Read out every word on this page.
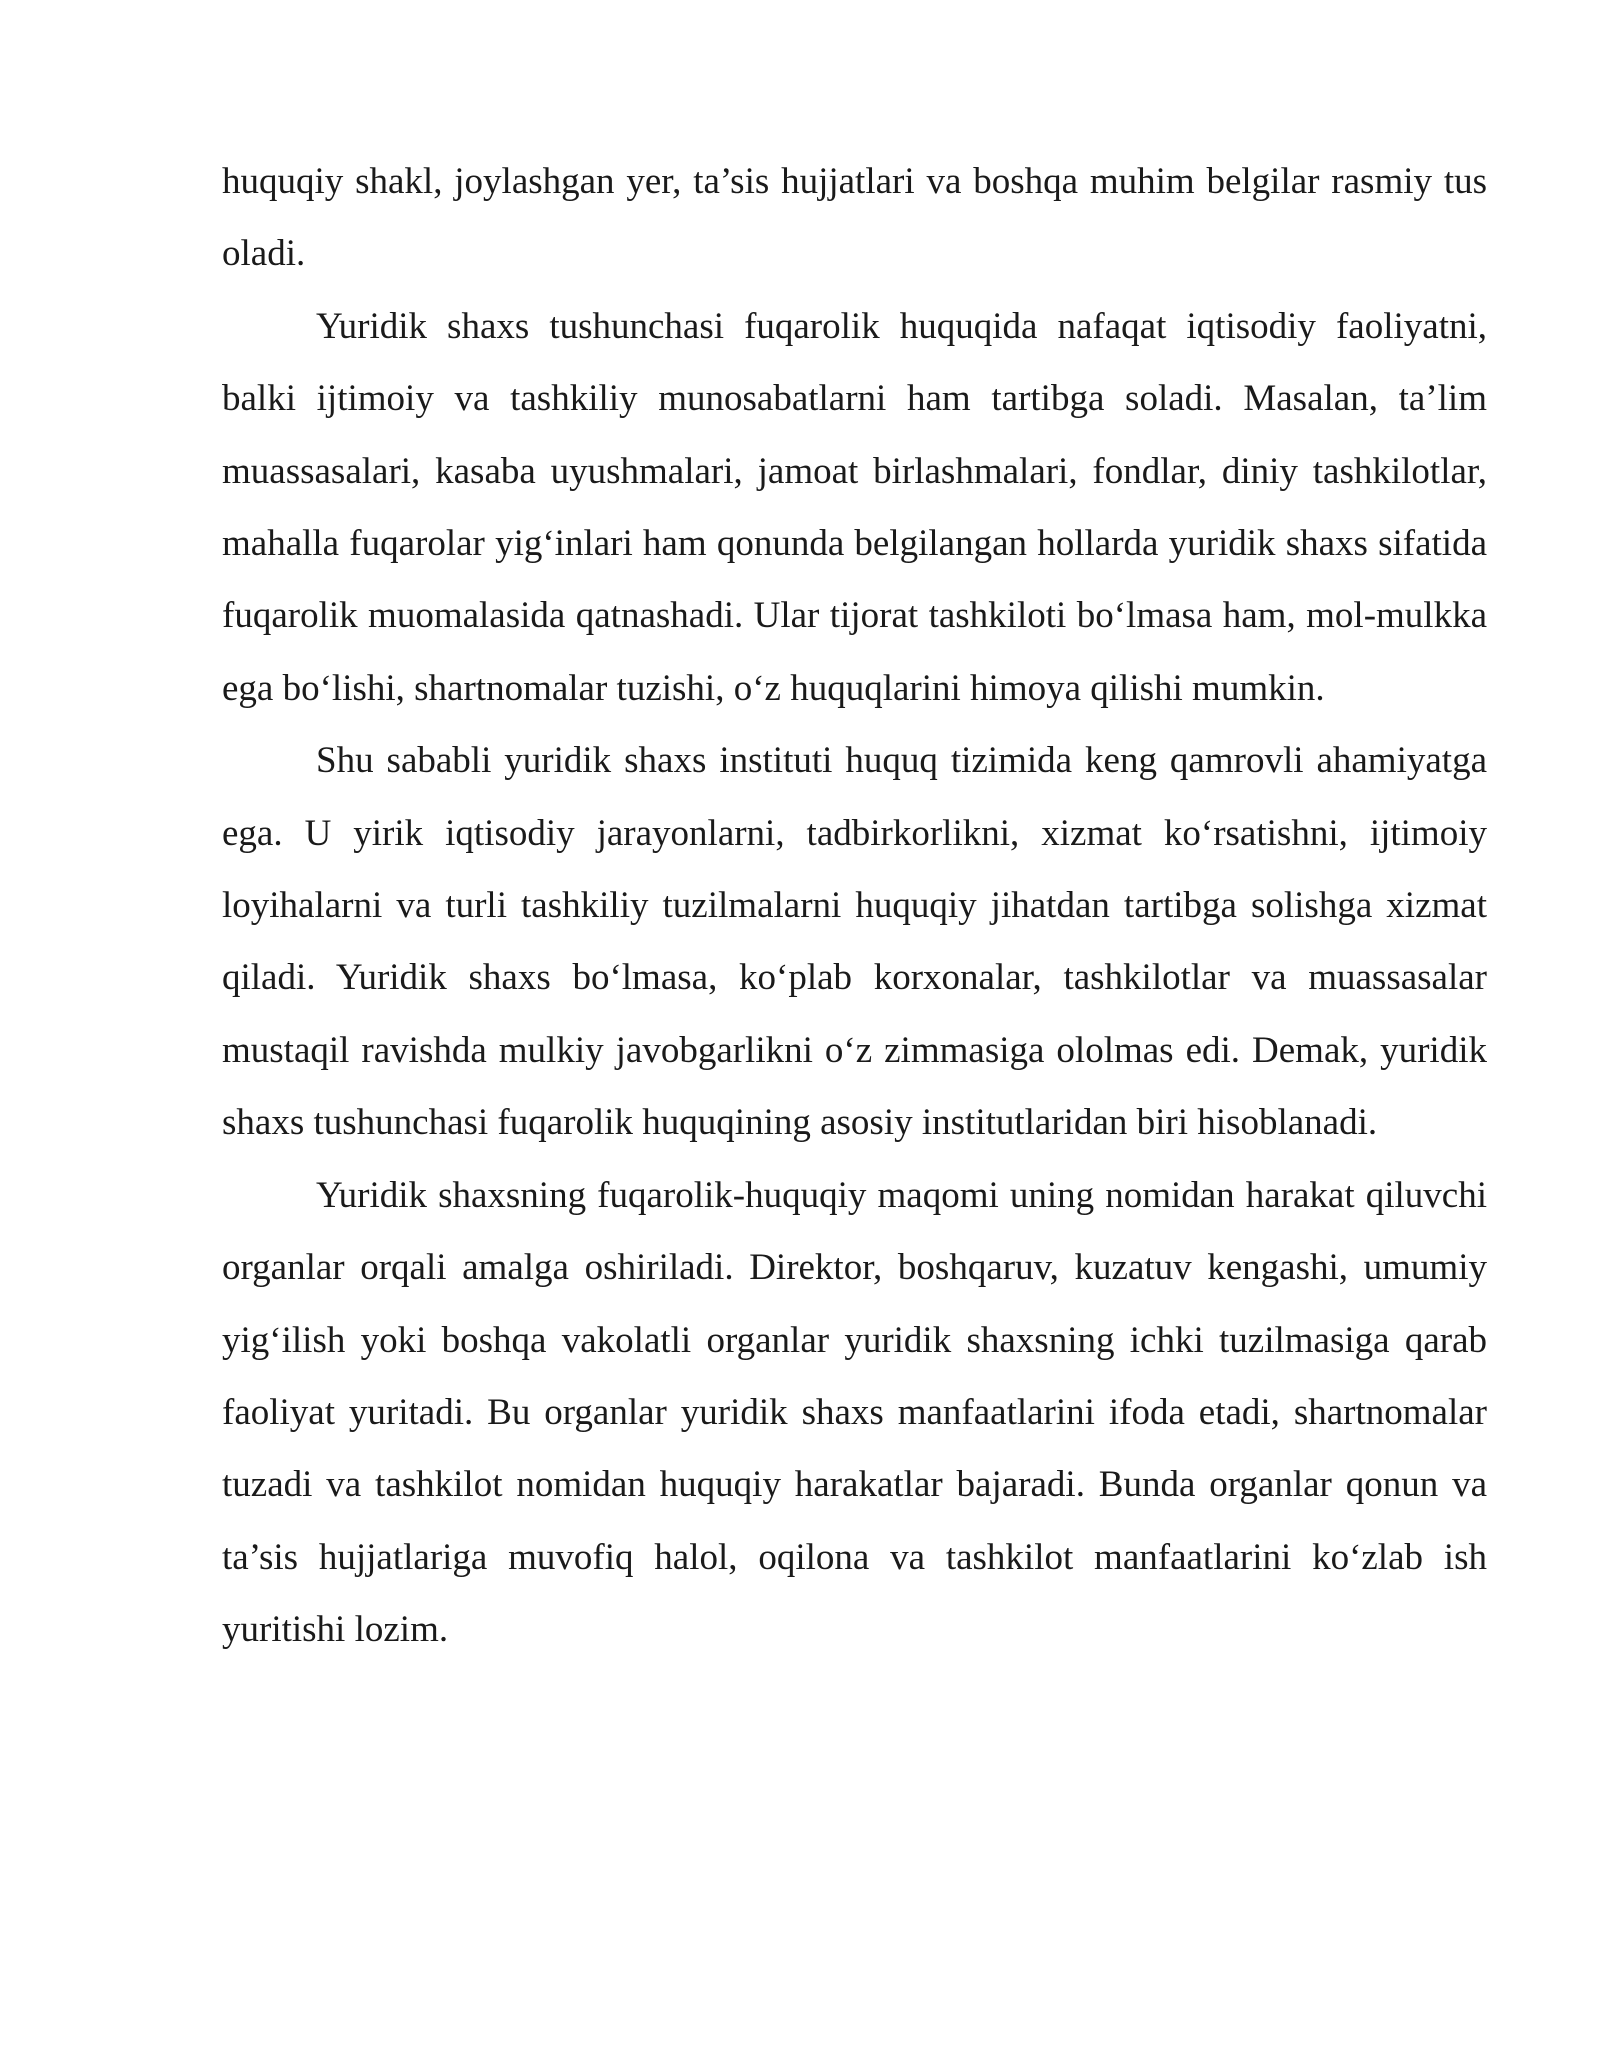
huquqiy shakl, joylashgan yer, ta’sis hujjatlari va boshqa muhim belgilar rasmiy tus oladi.

Yuridik shaxs tushunchasi fuqarolik huquqida nafaqat iqtisodiy faoliyatni, balki ijtimoiy va tashkiliy munosabatlarni ham tartibga soladi. Masalan, ta’lim muassasalari, kasaba uyushmalari, jamoat birlashmalari, fondlar, diniy tashkilotlar, mahalla fuqarolar yig‘inlari ham qonunda belgilangan hollarda yuridik shaxs sifatida fuqarolik muomalasida qatnashadi. Ular tijorat tashkiloti bo‘lmasa ham, mol-mulkka ega bo‘lishi, shartnomalar tuzishi, o‘z huquqlarini himoya qilishi mumkin.

Shu sababli yuridik shaxs instituti huquq tizimida keng qamrovli ahamiyatga ega. U yirik iqtisodiy jarayonlarni, tadbirkorlikni, xizmat ko‘rsatishni, ijtimoiy loyihalarni va turli tashkiliy tuzilmalarni huquqiy jihatdan tartibga solishga xizmat qiladi. Yuridik shaxs bo‘lmasa, ko‘plab korxonalar, tashkilotlar va muassasalar mustaqil ravishda mulkiy javobgarlikni o‘z zimmasiga ololmas edi. Demak, yuridik shaxs tushunchasi fuqarolik huquqining asosiy institutlaridan biri hisoblanadi.

Yuridik shaxsning fuqarolik-huquqiy maqomi uning nomidan harakat qiluvchi organlar orqali amalga oshiriladi. Direktor, boshqaruv, kuzatuv kengashi, umumiy yig‘ilish yoki boshqa vakolatli organlar yuridik shaxsning ichki tuzilmasiga qarab faoliyat yuritadi. Bu organlar yuridik shaxs manfaatlarini ifoda etadi, shartnomalar tuzadi va tashkilot nomidan huquqiy harakatlar bajaradi. Bunda organlar qonun va ta’sis hujjatlariga muvofiq halol, oqilona va tashkilot manfaatlarini ko‘zlab ish yuritishi lozim.
